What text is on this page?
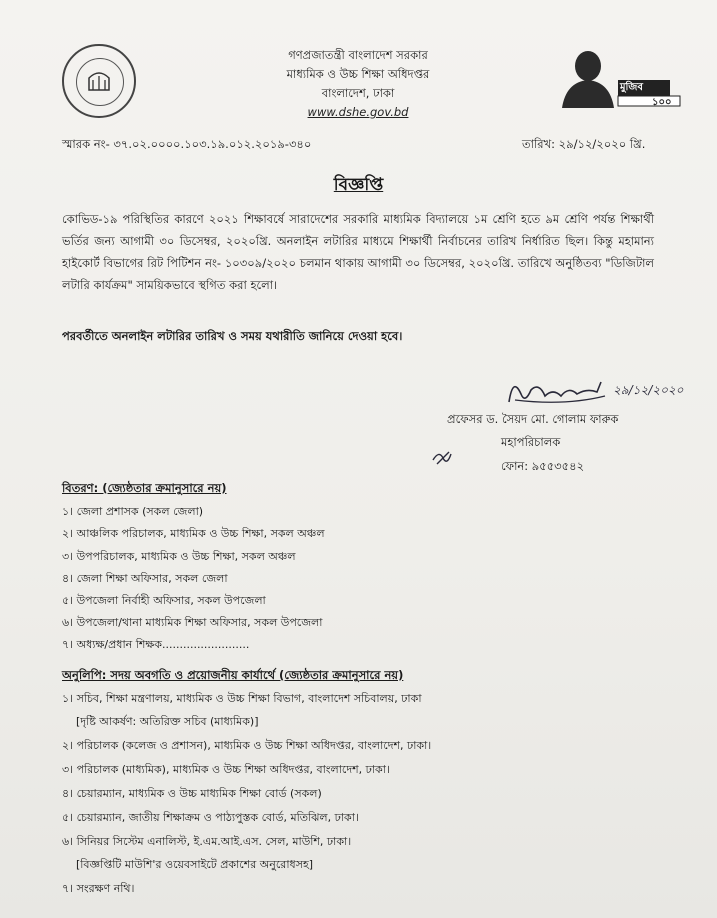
গণপ্রজাতন্ত্রী বাংলাদেশ সরকার
মাধ্যমিক ও উচ্চ শিক্ষা অধিদপ্তর
বাংলাদেশ, ঢাকা
www.dshe.gov.bd
মুজিব
১০০
স্মারক নং- ৩৭.০২.০০০০.১০৩.১৯.০১২.২০১৯-৩৪০	তারিখ: ২৯/১২/২০২০ খ্রি.
বিজ্ঞপ্তি
কোভিড-১৯ পরিস্থিতির কারণে ২০২১ শিক্ষাবর্ষে সারাদেশের সরকারি মাধ্যমিক বিদ্যালয়ে ১ম শ্রেণি হতে ৯ম শ্রেণি পর্যন্ত শিক্ষার্থী ভর্তির জন্য আগামী ৩০ ডিসেম্বর, ২০২০খ্রি. অনলাইন লটারির মাধ্যমে শিক্ষার্থী নির্বাচনের তারিখ নির্ধারিত ছিল। কিন্তু মহামান্য হাইকোর্ট বিভাগের রিট পিটিশন নং- ১০৩০৯/২০২০ চলমান থাকায় আগামী ৩০ ডিসেম্বর, ২০২০খ্রি. তারিখে অনুষ্ঠিতব্য "ডিজিটাল লটারি কার্যক্রম" সাময়িকভাবে স্থগিত করা হলো।
পরবর্তীতে অনলাইন লটারির তারিখ ও সময় যথারীতি জানিয়ে দেওয়া হবে।
২৯/১২/২০২০
প্রফেসর ড. সৈয়দ মো. গোলাম ফারুক
মহাপরিচালক
ফোন: ৯৫৫৩৫৪২
বিতরণ: (জ্যেষ্ঠতার ক্রমানুসারে নয়)
১। জেলা প্রশাসক (সকল জেলা)
২। আঞ্চলিক পরিচালক, মাধ্যমিক ও উচ্চ শিক্ষা, সকল অঞ্চল
৩। উপপরিচালক, মাধ্যমিক ও উচ্চ শিক্ষা, সকল অঞ্চল
৪। জেলা শিক্ষা অফিসার, সকল জেলা
৫। উপজেলা নির্বাহী অফিসার, সকল উপজেলা
৬। উপজেলা/থানা মাধ্যমিক শিক্ষা অফিসার, সকল উপজেলা
৭। অধ্যক্ষ/প্রধান শিক্ষক.........................
অনুলিপি: সদয় অবগতি ও প্রয়োজনীয় কার্যার্থে (জ্যেষ্ঠতার ক্রমানুসারে নয়)
১। সচিব, শিক্ষা মন্ত্রণালয়, মাধ্যমিক ও উচ্চ শিক্ষা বিভাগ, বাংলাদেশ সচিবালয়, ঢাকা
[দৃষ্টি আকর্ষণ: অতিরিক্ত সচিব (মাধ্যমিক)]
২। পরিচালক (কলেজ ও প্রশাসন), মাধ্যমিক ও উচ্চ শিক্ষা অধিদপ্তর, বাংলাদেশ, ঢাকা।
৩। পরিচালক (মাধ্যমিক), মাধ্যমিক ও উচ্চ শিক্ষা অধিদপ্তর, বাংলাদেশ, ঢাকা।
৪। চেয়ারম্যান, মাধ্যমিক ও উচ্চ মাধ্যমিক শিক্ষা বোর্ড (সকল)
৫। চেয়ারম্যান, জাতীয় শিক্ষাক্রম ও পাঠ্যপুস্তক বোর্ড, মতিঝিল, ঢাকা।
৬। সিনিয়র সিস্টেম এনালিস্ট, ই.এম.আই.এস. সেল, মাউশি, ঢাকা।
[বিজ্ঞপ্তিটি মাউশি'র ওয়েবসাইটে প্রকাশের অনুরোধসহ]
৭। সংরক্ষণ নথি।
